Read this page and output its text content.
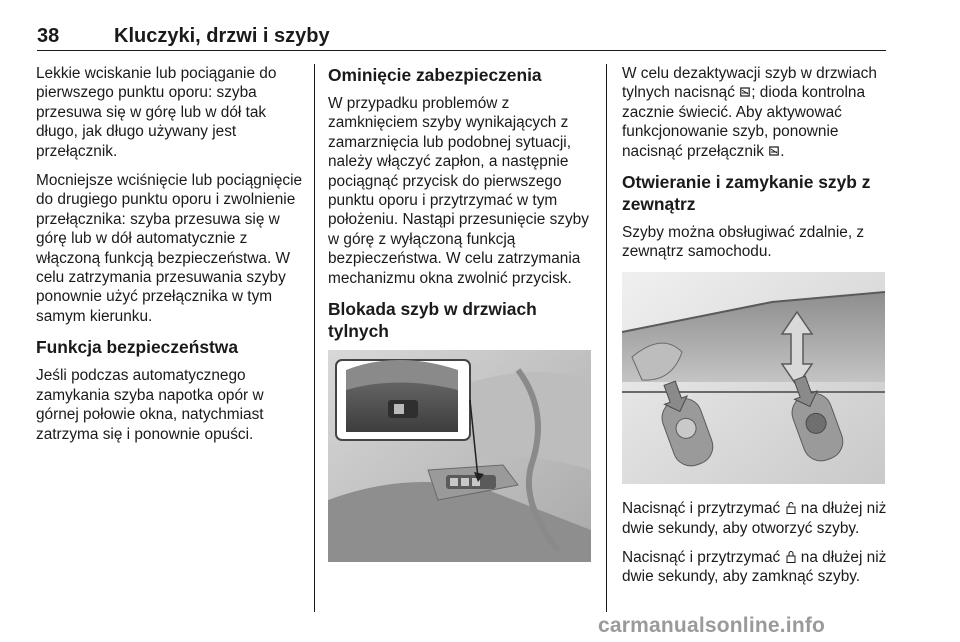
38	Kluczyki, drzwi i szyby

Lekkie wciskanie lub pociąganie do pierwszego punktu oporu: szyba przesuwa się w górę lub w dół tak długo, jak długo używany jest przełącznik.

Mocniejsze wciśnięcie lub pociągnięcie do drugiego punktu oporu i zwolnienie przełącznika: szyba przesuwa się w górę lub w dół automatycznie z włączoną funkcją bezpieczeństwa. W celu zatrzymania przesuwania szyby ponownie użyć przełącznika w tym samym kierunku.

Funkcja bezpieczeństwa

Jeśli podczas automatycznego zamykania szyba napotka opór w górnej połowie okna, natychmiast zatrzyma się i ponownie opuści.

Ominięcie zabezpieczenia

W przypadku problemów z zamknięciem szyby wynikających z zamarznięcia lub podobnej sytuacji, należy włączyć zapłon, a następnie pociągnąć przycisk do pierwszego punktu oporu i przytrzymać w tym położeniu. Nastąpi przesunięcie szyby w górę z wyłączoną funkcją bezpieczeństwa. W celu zatrzymania mechanizmu okna zwolnić przycisk.

Blokada szyb w drzwiach tylnych

W celu dezaktywacji szyb w drzwiach tylnych nacisnąć ; dioda kontrolna zacznie świecić. Aby aktywować funkcjonowanie szyb, ponownie nacisnąć przełącznik .

Otwieranie i zamykanie szyb z zewnątrz

Szyby można obsługiwać zdalnie, z zewnątrz samochodu.

Nacisnąć i przytrzymać na dłużej niż dwie sekundy, aby otworzyć szyby.

Nacisnąć i przytrzymać na dłużej niż dwie sekundy, aby zamknąć szyby.

carmanualsonline.info
